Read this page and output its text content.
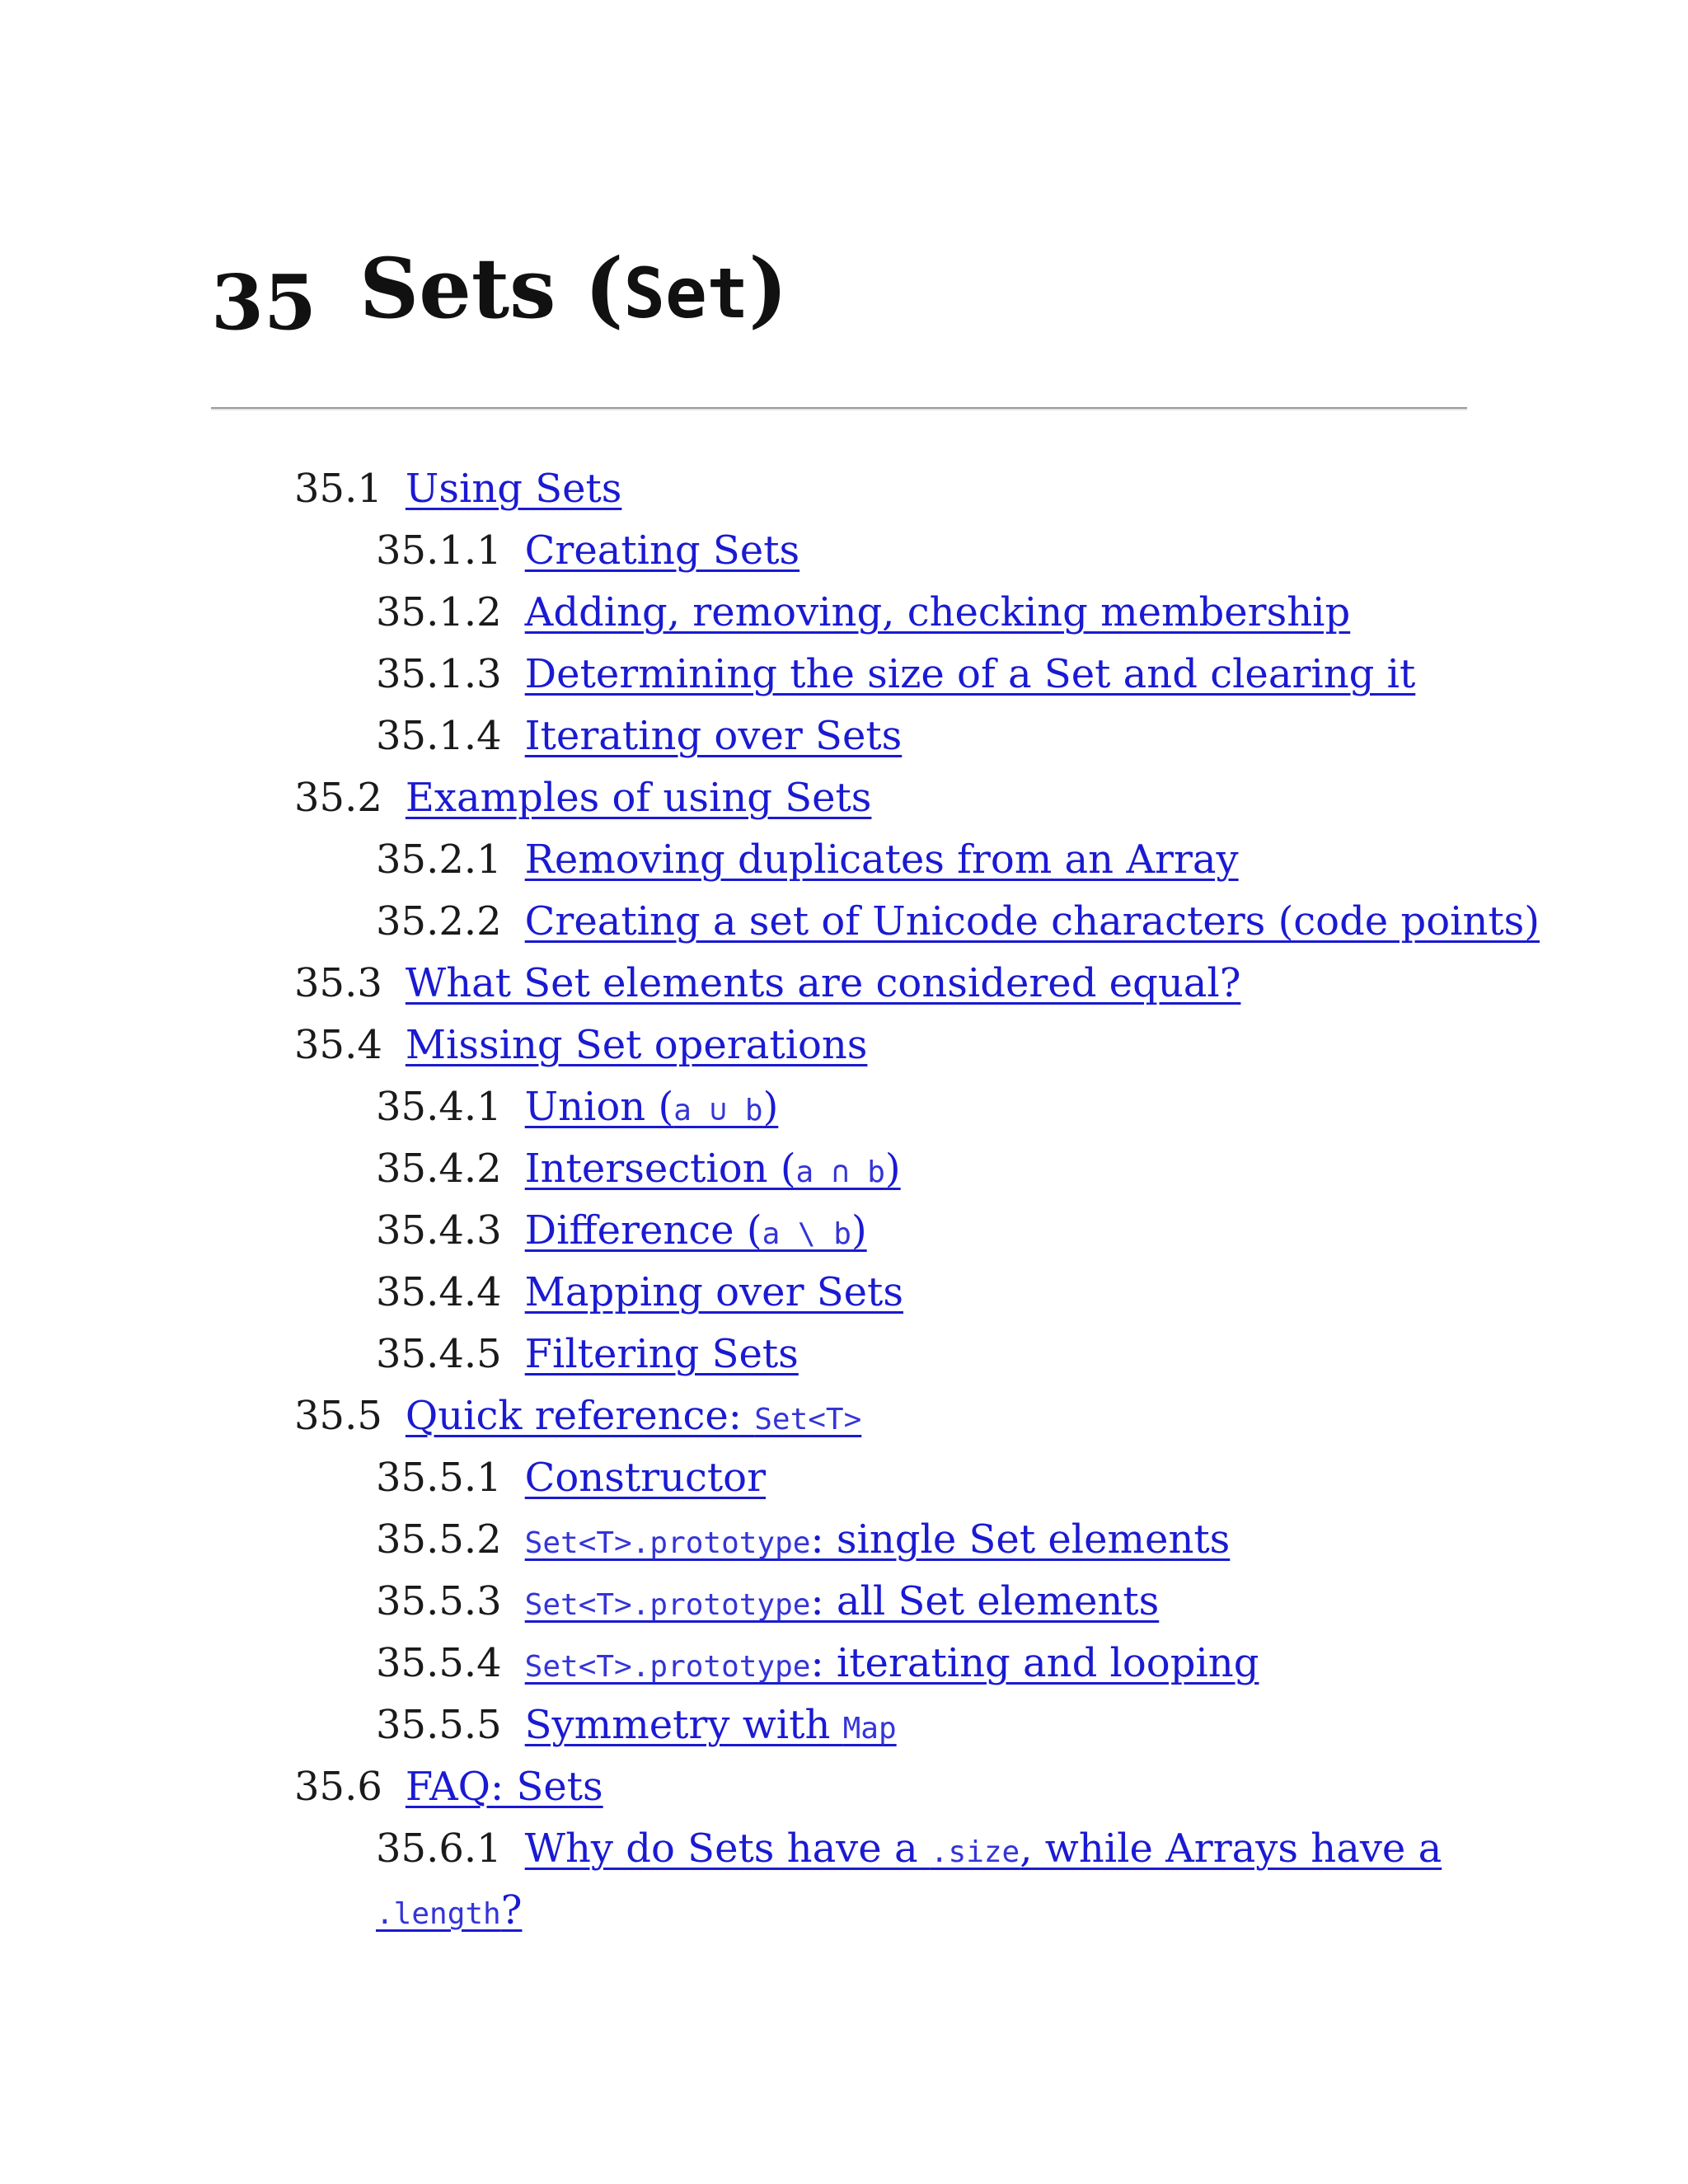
35 Sets (Set)
35.1 Using Sets
35.1.1 Creating Sets
35.1.2 Adding, removing, checking membership
35.1.3 Determining the size of a Set and clearing it
35.1.4 Iterating over Sets
35.2 Examples of using Sets
35.2.1 Removing duplicates from an Array
35.2.2 Creating a set of Unicode characters (code points)
35.3 What Set elements are considered equal?
35.4 Missing Set operations
35.4.1 Union (a ∪ b)
35.4.2 Intersection (a ∩ b)
35.4.3 Difference (a \ b)
35.4.4 Mapping over Sets
35.4.5 Filtering Sets
35.5 Quick reference: Set<T>
35.5.1 Constructor
35.5.2 Set<T>.prototype: single Set elements
35.5.3 Set<T>.prototype: all Set elements
35.5.4 Set<T>.prototype: iterating and looping
35.5.5 Symmetry with Map
35.6 FAQ: Sets
35.6.1 Why do Sets have a .size, while Arrays have a
.length?
